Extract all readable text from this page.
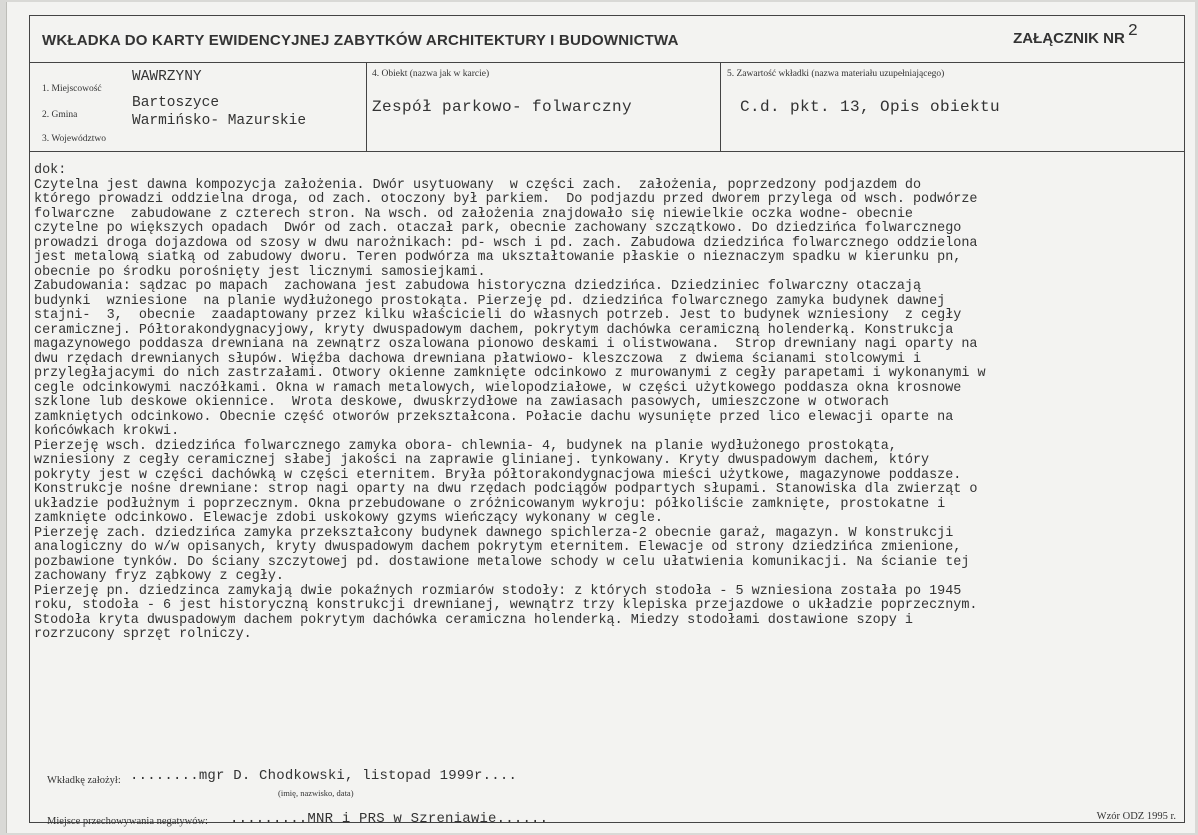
WKŁADKA DO KARTY EWIDENCYJNEJ ZABYTKÓW ARCHITEKTURY I BUDOWNICTWA	ZAŁĄCZNIK NR 2
1. Miejscowość
WAWRZYNY
2. Gmina
Bartoszyce
3. Województwo
Warmińsko- Mazurskie
4. Obiekt (nazwa jak w karcie)
Zespół parkowo- folwarczny
5. Zawartość wkładki (nazwa materiału uzupełniającego)
C.d. pkt. 13, Opis obiektu
dok:
Czytelna jest dawna kompozycja założenia. Dwór usytuowany  w części zach.  założenia, poprzedzony podjazdem do
którego prowadzi oddzielna droga, od zach. otoczony był parkiem.  Do podjazdu przed dworem przylega od wsch. podwórze
folwarczne  zabudowane z czterech stron. Na wsch. od założenia znajdowało się niewielkie oczka wodne- obecnie
czytelne po większych opadach  Dwór od zach. otaczał park, obecnie zachowany szczątkowo. Do dziedzińca folwarcznego
prowadzi droga dojazdowa od szosy w dwu narożnikach: pd- wsch i pd. zach. Zabudowa dziedzińca folwarcznego oddzielona
jest metalową siatką od zabudowy dworu. Teren podwórza ma ukształtowanie płaskie o nieznaczym spadku w kierunku pn,
obecnie po środku porośnięty jest licznymi samosiejkami.
Zabudowania: sądzac po mapach  zachowana jest zabudowa historyczna dziedzińca. Dziedziniec folwarczny otaczają
budynki  wzniesione  na planie wydłużonego prostokąta. Pierzeję pd. dziedzińca folwarcznego zamyka budynek dawnej
stajni-  3,  obecnie  zaadaptowany przez kilku właścicieli do własnych potrzeb. Jest to budynek wzniesiony  z cegły
ceramicznej. Półtorakondygnacyjowy, kryty dwuspadowym dachem, pokrytym dachówka ceramiczną holenderką. Konstrukcja
magazynowego poddasza drewniana na zewnątrz oszalowana pionowo deskami i olistwowana.  Strop drewniany nagi oparty na
dwu rzędach drewnianych słupów. Więźba dachowa drewniana płatwiowo- kleszczowa  z dwiema ścianami stolcowymi i
przyległajacymi do nich zastrzałami. Otwory okienne zamknięte odcinkowo z murowanymi z cegły parapetami i wykonanymi w
cegle odcinkowymi naczółkami. Okna w ramach metalowych, wielopodziałowe, w części użytkowego poddasza okna krosnowe
szklone lub deskowe okiennice.  Wrota deskowe, dwuskrzydłowe na zawiasach pasowych, umieszczone w otworach
zamkniętych odcinkowo. Obecnie część otworów przekształcona. Połacie dachu wysunięte przed lico elewacji oparte na
końcówkach krokwi.
Pierzeję wsch. dziedzińca folwarcznego zamyka obora- chlewnia- 4, budynek na planie wydłużonego prostokąta,
wzniesiony z cegły ceramicznej słabej jakości na zaprawie glinianej. tynkowany. Kryty dwuspadowym dachem, który
pokryty jest w części dachówką w części eternitem. Bryła półtorakondygnacjowa mieści użytkowe, magazynowe poddasze.
Konstrukcje nośne drewniane: strop nagi oparty na dwu rzędach podciągów podpartych słupami. Stanowiska dla zwierząt o
układzie podłużnym i poprzecznym. Okna przebudowane o zróżnicowanym wykroju: półkoliście zamknięte, prostokatne i
zamknięte odcinkowo. Elewacje zdobi uskokowy gzyms wieńczący wykonany w cegle.
Pierzeję zach. dziedzińca zamyka przekształcony budynek dawnego spichlerza-2 obecnie garaż, magazyn. W konstrukcji
analogiczny do w/w opisanych, kryty dwuspadowym dachem pokrytym eternitem. Elewacje od strony dziedzińca zmienione,
pozbawione tynków. Do ściany szczytowej pd. dostawione metalowe schody w celu ułatwienia komunikacji. Na ścianie tej
zachowany fryz ząbkowy z cegły.
Pierzeję pn. dziedzinca zamykają dwie pokaźnych rozmiarów stodoły: z których stodoła - 5 wzniesiona została po 1945
roku, stodoła - 6 jest historyczną konstrukcji drewnianej, wewnątrz trzy klepiska przejazdowe o układzie poprzecznym.
Stodoła kryta dwuspadowym dachem pokrytym dachówka ceramiczna holenderką. Miedzy stodołami dostawione szopy i
rozrzucony sprzęt rolniczy.
Wkładkę założył: ........mgr D. Chodkowski, listopad 1999r....
(imię, nazwisko, data)
Miejsce przechowywania negatywów: .........MNR i PRS w Szreniawie......	Wzór ODZ 1995 r.
